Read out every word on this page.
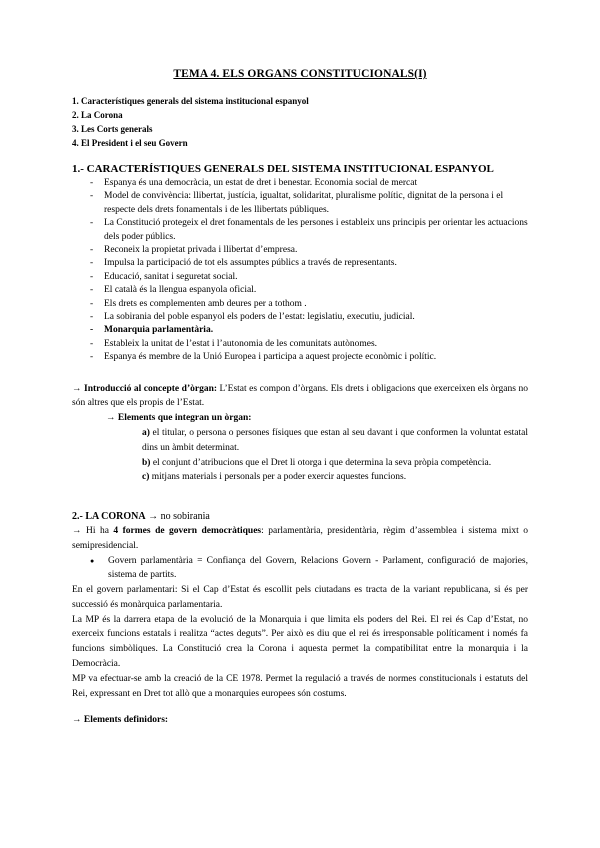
TEMA 4. ELS ORGANS CONSTITUCIONALS(I)
1. Característiques generals del sistema institucional espanyol
2. La Corona
3. Les Corts generals
4. El President i el seu Govern
1.- CARACTERÍSTIQUES GENERALS DEL SISTEMA INSTITUCIONAL ESPANYOL
- Espanya és una democràcia, un estat de dret i benestar. Economia social de mercat
- Model de convivència: llibertat, justícia, igualtat, solidaritat, pluralisme polític, dignitat de la persona i el respecte dels drets fonamentals i de les llibertats públiques.
- La Constitució protegeix el dret fonamentals de les persones i estableix uns principis per orientar les actuacions dels poder públics.
- Reconeix la propietat privada i llibertat d’empresa.
- Impulsa la participació de tot els assumptes públics a través de representants.
- Educació, sanitat i seguretat social.
- El català és la llengua espanyola oficial.
- Els drets es complementen amb deures per a tothom .
- La sobirania del poble espanyol els poders de l’estat: legislatiu, executiu, judicial.
- Monarquia parlamentària.
- Estableix la unitat de l’estat i l’autonomia de les comunitats autònomes.
- Espanya és membre de la Unió Europea i participa a aquest projecte econòmic i polític.

→ Introducció al concepte d’òrgan: L’Estat es compon d’òrgans. Els drets i obligacions que exerceixen els òrgans no són altres que els propis de l’Estat.

→ Elements que integran un òrgan:
a) el titular, o persona o persones físiques que estan al seu davant i que conformen la voluntat estatal dins un àmbit determinat.
b) el conjunt d’atribucions que el Dret li otorga i que determina la seva pròpia competència.
c) mitjans materials i personals per a poder exercir aquestes funcions.
2.- LA CORONA → no sobirania

→ Hi ha 4 formes de govern democràtiques: parlamentària, presidentària, règim d’assemblea i sistema mixt o semipresidencial.

● Govern parlamentària = Confiança del Govern, Relacions Govern - Parlament, configuració de majories, sistema de partits.

En el govern parlamentari: Si el Cap d’Estat és escollit pels ciutadans es tracta de la variant republicana, si és per successió és monàrquica parlamentaria.

La MP és la darrera etapa de la evolució de la Monarquia i que limita els poders del Rei. El rei és Cap d’Estat, no exerceix funcions estatals i realitza “actes deguts”. Per això es diu que el rei és irresponsable políticament i només fa funcions simbòliques. La Constitució crea la Corona i aquesta permet la compatibilitat entre la monarquia i la Democràcia.

MP va efectuar-se amb la creació de la CE 1978. Permet la regulació a través de normes constitucionals i estatuts del Rei, expressant en Dret tot allò que a monarquies europees són costums.

→ Elements definidors:
